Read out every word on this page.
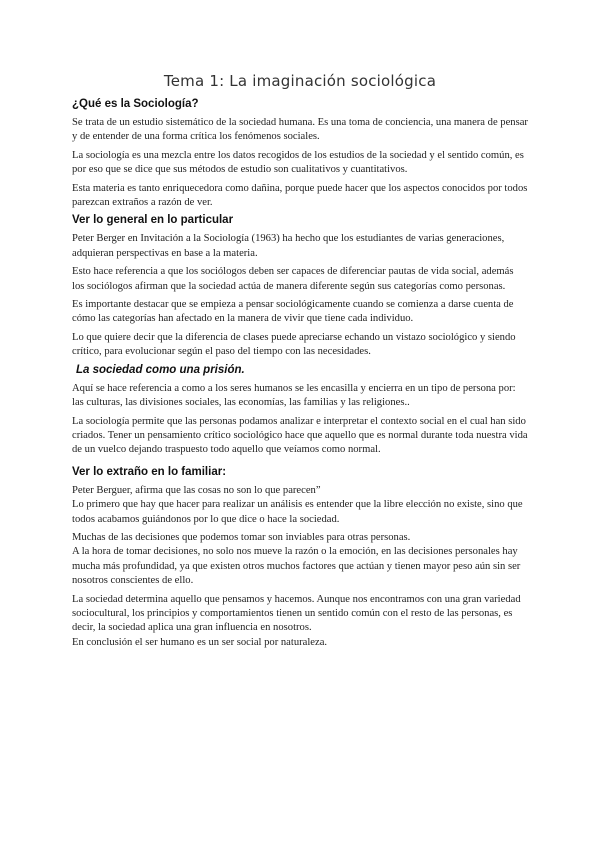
Tema 1: La imaginación sociológica
¿Qué es la Sociología?

Se trata de un estudio sistemático de la sociedad humana. Es una toma de conciencia, una manera de pensar y de entender de una forma crítica los fenómenos sociales.

La sociología es una mezcla entre los datos recogidos de los estudios de la sociedad y el sentido común, es por eso que se dice que sus métodos de estudio son cualitativos y cuantitativos.

Esta materia es tanto enriquecedora como dañina, porque puede hacer que los aspectos conocidos por todos parezcan extraños a razón de ver.

Ver lo general en lo particular

Peter Berger en Invitación a la Sociología (1963) ha hecho que los estudiantes de varias generaciones, adquieran perspectivas en base a la materia.

Esto hace referencia a que los sociólogos deben ser capaces de diferenciar pautas de vida social, además los sociólogos afirman que la sociedad actúa de manera diferente según sus categorías como personas.

Es importante destacar que se empieza a pensar sociológicamente cuando se comienza a darse cuenta de cómo las categorías han afectado en la manera de vivir que tiene cada individuo.

Lo que quiere decir que la diferencia de clases puede apreciarse echando un vistazo sociológico y siendo crítico, para evolucionar según el paso del tiempo con las necesidades.

La sociedad como una prisión.

Aquí se hace referencia a como a los seres humanos se les encasilla y encierra en un tipo de persona por: las culturas, las divisiones sociales, las economías, las familias y las religiones..

La sociología permite que las personas podamos analizar e interpretar el contexto social en el cual han sido criados. Tener un pensamiento crítico sociológico hace que aquello que es normal durante toda nuestra vida de un vuelco dejando traspuesto todo aquello que veíamos como normal.

Ver lo extraño en lo familiar:

Peter Berguer, afirma que las cosas no son lo que parecen”

Lo primero que hay que hacer para realizar un análisis es entender que la libre elección no existe, sino que todos acabamos guiándonos por lo que dice o hace la sociedad.

Muchas de las decisiones que podemos tomar son inviables para otras personas.

A la hora de tomar decisiones, no solo nos mueve la razón o la emoción, en las decisiones personales hay mucha más profundidad, ya que existen otros muchos factores que actúan y tienen mayor peso aún sin ser nosotros conscientes de ello.

La sociedad determina aquello que pensamos y hacemos. Aunque nos encontramos con una gran variedad sociocultural, los principios y comportamientos tienen un sentido común con el resto de las personas, es decir, la sociedad aplica una gran influencia en nosotros.

En conclusión el ser humano es un ser social por naturaleza.
